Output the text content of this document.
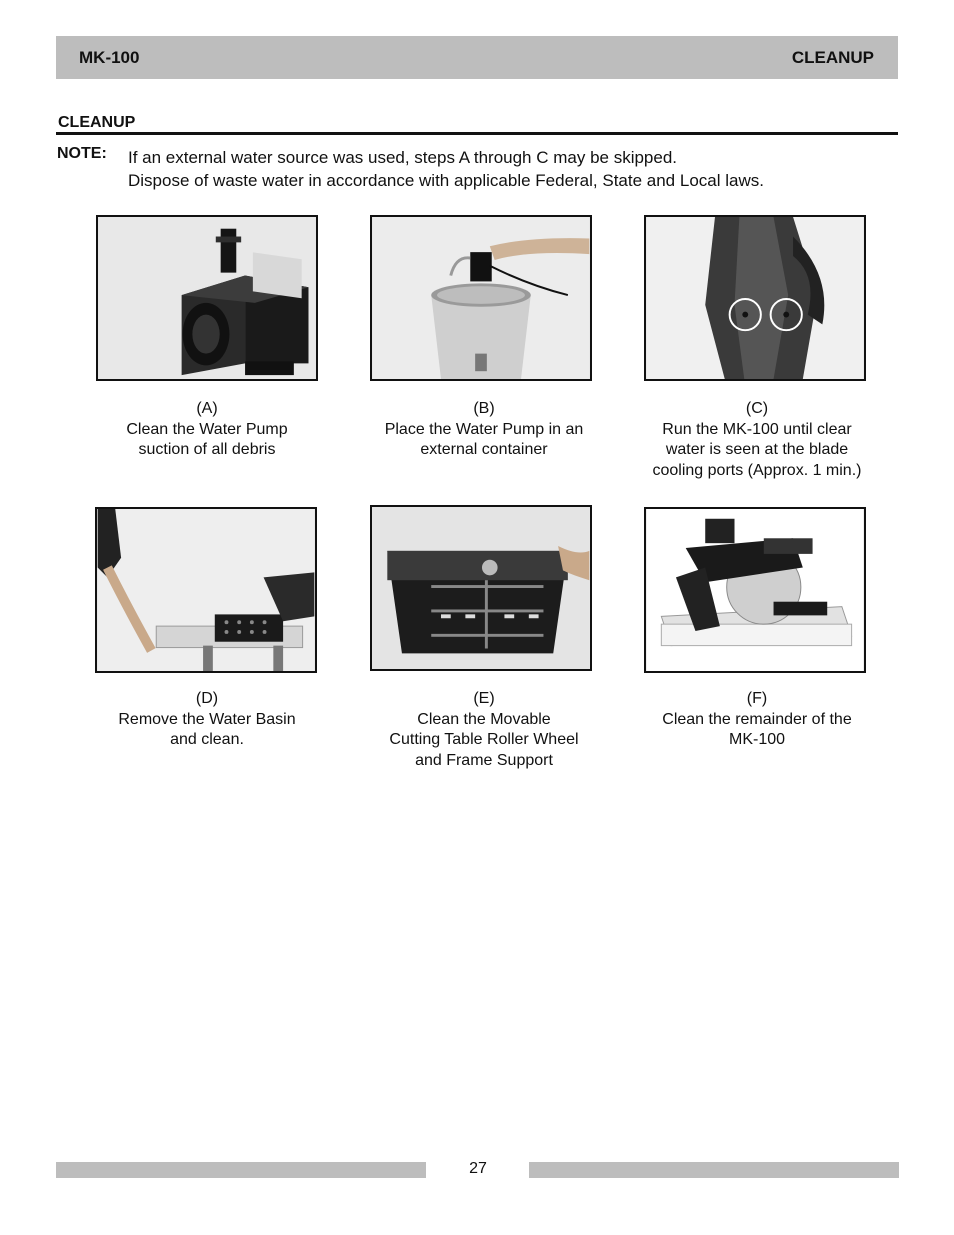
MK-100	CLEANUP
CLEANUP
NOTE: If an external water source was used, steps A through C may be skipped.
Dispose of waste water in accordance with applicable Federal, State and Local laws.
(A)
Clean the Water Pump
suction of all debris
(B)
Place the Water Pump in an
external container
(C)
Run the MK-100 until clear
water is seen at the blade
cooling ports (Approx. 1 min.)
(D)
Remove the Water Basin
and clean.
(E)
Clean the Movable
Cutting Table Roller Wheel
and Frame Support
(F)
Clean the remainder of the
MK-100
27
